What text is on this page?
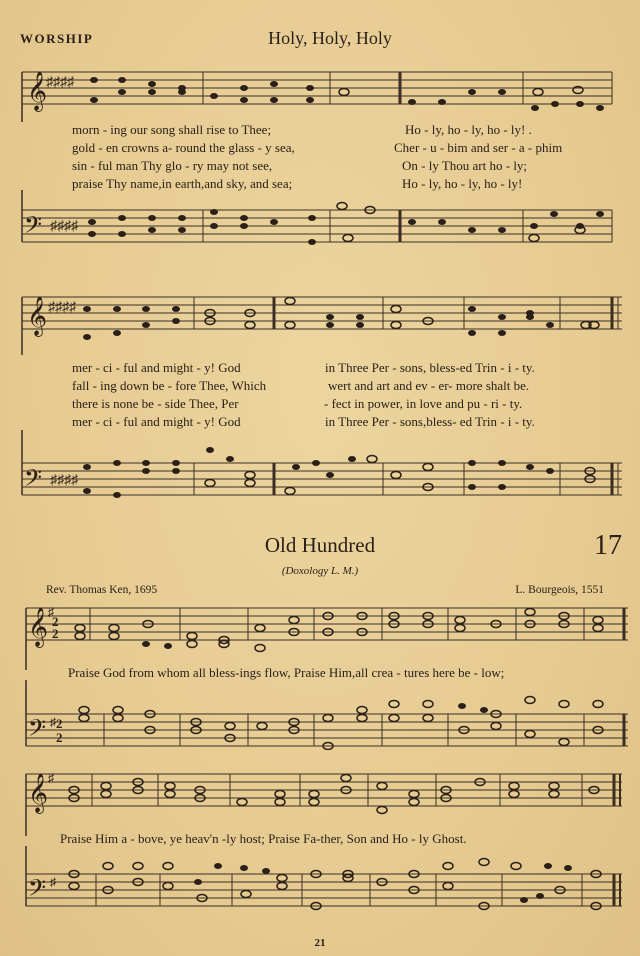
WORSHIP	Holy, Holy, Holy
𝄞
♯♯♯♯
morn - ing our song shall rise to Thee;	Ho - ly, ho - ly, ho - ly! .
gold - en crowns a- round the glass - y sea,	Cher - u - bim and ser - a - phim
sin - ful man Thy glo - ry may not see,	On - ly Thou art ho - ly;
praise Thy name,in earth,and sky, and sea;	Ho - ly, ho - ly, ho - ly!
𝄢 ♯♯♯♯
𝄞 ♯♯♯♯
mer - ci - ful and might - y! God	in Three Per - sons, bless-ed Trin - i - ty.
fall - ing down be - fore Thee, Which	wert and art and ev - er- more shalt be.
there is none be - side Thee, Per	- fect in power, in love and pu - ri - ty.
mer - ci - ful and might - y! God	in Three Per - sons,bless- ed Trin - i - ty.
𝄢 ♯♯♯♯
Old Hundred	17
(Doxology L. M.)
Rev. Thomas Ken, 1695	L. Bourgeois, 1551
𝄞 ♯
2
2
Praise God from whom all bless-ings flow, Praise Him,all crea - tures here be - low;
𝄢 ♯ 2
2
𝄞 ♯
Praise Him a - bove, ye heav'n -ly host; Praise Fa-ther, Son and Ho - ly Ghost.
𝄢 ♯
21
